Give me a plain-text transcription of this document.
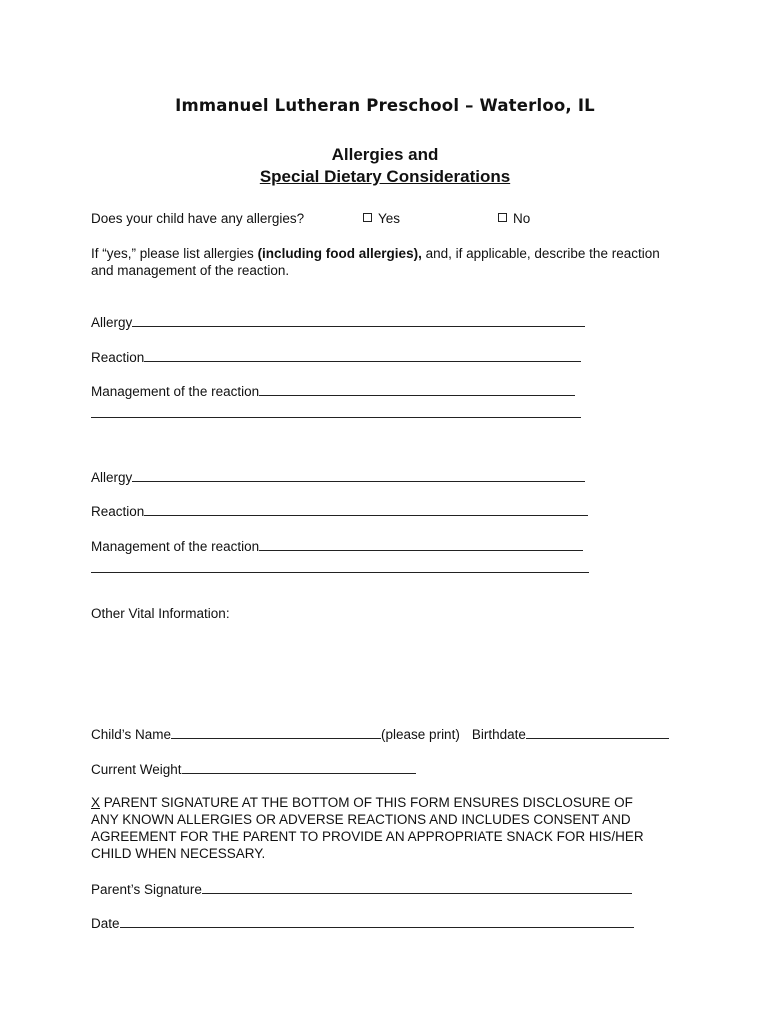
Immanuel Lutheran Preschool – Waterloo, IL
Allergies and
Special Dietary Considerations
Does your child have any allergies?	Yes	No
If “yes,” please list allergies (including food allergies), and, if applicable, describe the reaction and management of the reaction.
Allergy
Reaction
Management of the reaction
Allergy
Reaction
Management of the reaction
Other Vital Information:
Child’s Name	(please print) Birthdate
Current Weight
X PARENT SIGNATURE AT THE BOTTOM OF THIS FORM ENSURES DISCLOSURE OF ANY KNOWN ALLERGIES OR ADVERSE REACTIONS AND INCLUDES CONSENT AND AGREEMENT FOR THE PARENT TO PROVIDE AN APPROPRIATE SNACK FOR HIS/HER CHILD WHEN NECESSARY.
Parent’s Signature
Date
